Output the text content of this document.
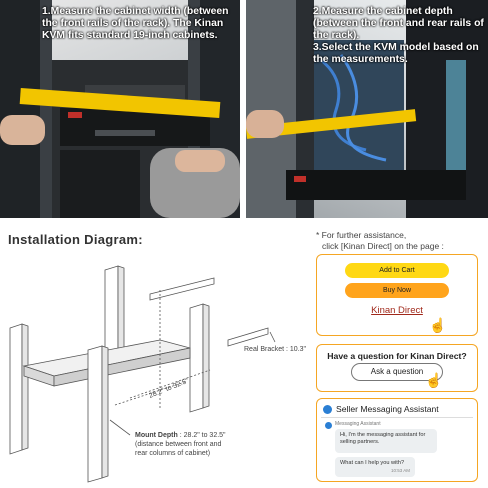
1.Measure the cabinet width (between the front rails of the rack). The Kinan KVM fits standard 19-inch cabinets.
2.Measure the cabinet depth (between the front and rear rails of the rack).
3.Select the KVM model based on the measurements.
Installation Diagram:
Real Bracket : 10.3"
28.2" to 32.5"
Mount Depth : 28.2" to 32.5"
(distance between front and
rear columns of cabinet)
* For further assistance,
click [Kinan Direct] on the page :
Add to Cart
Buy Now
Kinan Direct
☝
Have a question for Kinan Direct?
Ask a question
☝
Seller Messaging Assistant
Messaging Assistant
Hi, I'm the messaging assistant for selling partners.
What can I help you with?
10:53 AM
